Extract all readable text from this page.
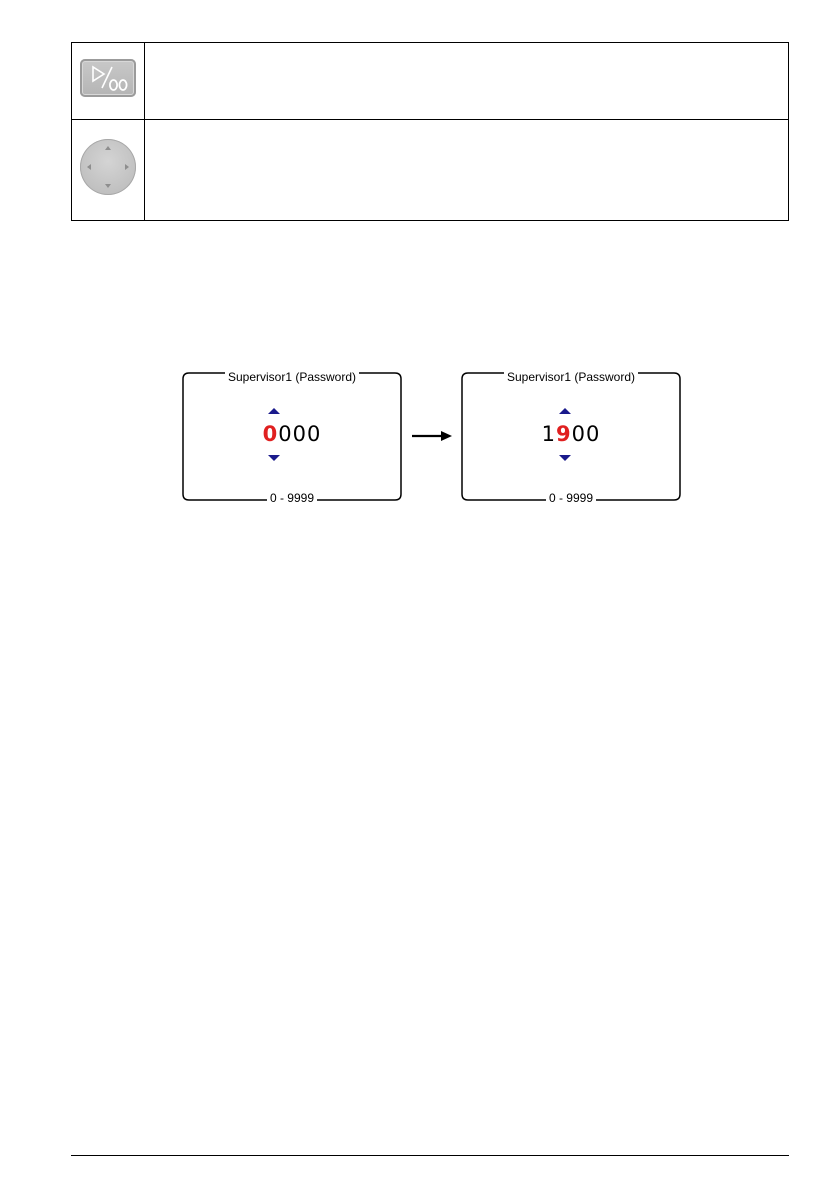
Supervisor1 (Password)
0000
0 - 9999
Supervisor1 (Password)
1900
0 - 9999
